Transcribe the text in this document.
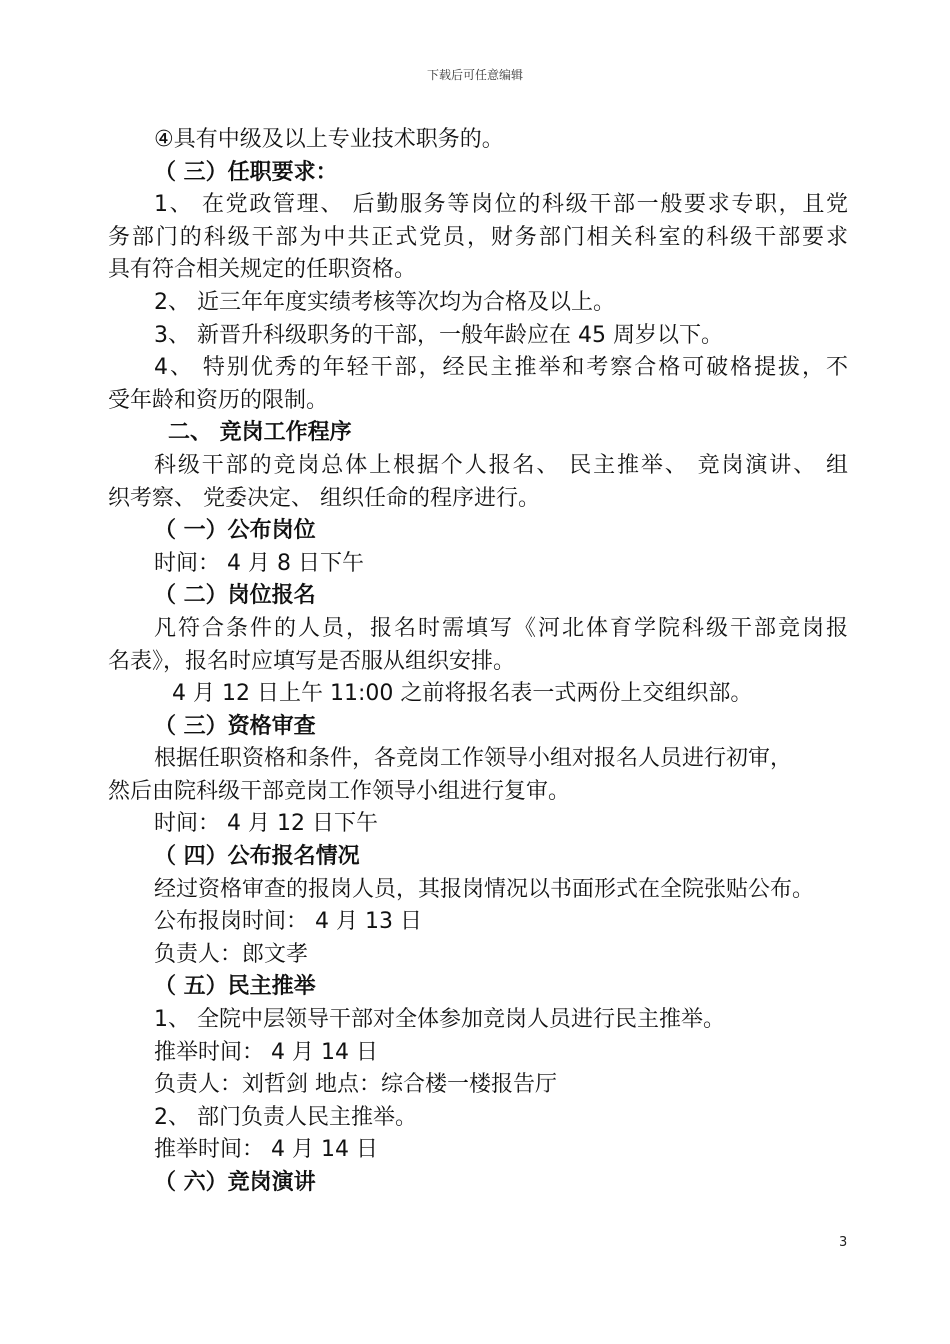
下载后可任意编辑
④具有中级及以上专业技术职务的。
（ 三）任职要求：
1、 在党政管理、 后勤服务等岗位的科级干部一般要求专职，且党
务部门的科级干部为中共正式党员，财务部门相关科室的科级干部要求
具有符合相关规定的任职资格。
2、 近三年年度实绩考核等次均为合格及以上。
3、 新晋升科级职务的干部，一般年龄应在 45 周岁以下。
4、 特别优秀的年轻干部，经民主推举和考察合格可破格提拔，不
受年龄和资历的限制。
二、 竞岗工作程序
科级干部的竞岗总体上根据个人报名、 民主推举、 竞岗演讲、 组
织考察、 党委决定、 组织任命的程序进行。
（ 一）公布岗位
时间： 4 月 8 日下午
（ 二）岗位报名
凡符合条件的人员，报名时需填写《河北体育学院科级干部竞岗报
名表》，报名时应填写是否服从组织安排。
4 月 12 日上午 11:00 之前将报名表一式两份上交组织部。
（ 三）资格审查
根据任职资格和条件，各竞岗工作领导小组对报名人员进行初审，
然后由院科级干部竞岗工作领导小组进行复审。
时间： 4 月 12 日下午
（ 四）公布报名情况
经过资格审查的报岗人员，其报岗情况以书面形式在全院张贴公布。
公布报岗时间： 4 月 13 日
负责人：郎文孝
（ 五）民主推举
1、 全院中层领导干部对全体参加竞岗人员进行民主推举。
推举时间： 4 月 14 日
负责人：刘哲剑 地点：综合楼一楼报告厅
2、 部门负责人民主推举。
推举时间： 4 月 14 日
（ 六）竞岗演讲
3
